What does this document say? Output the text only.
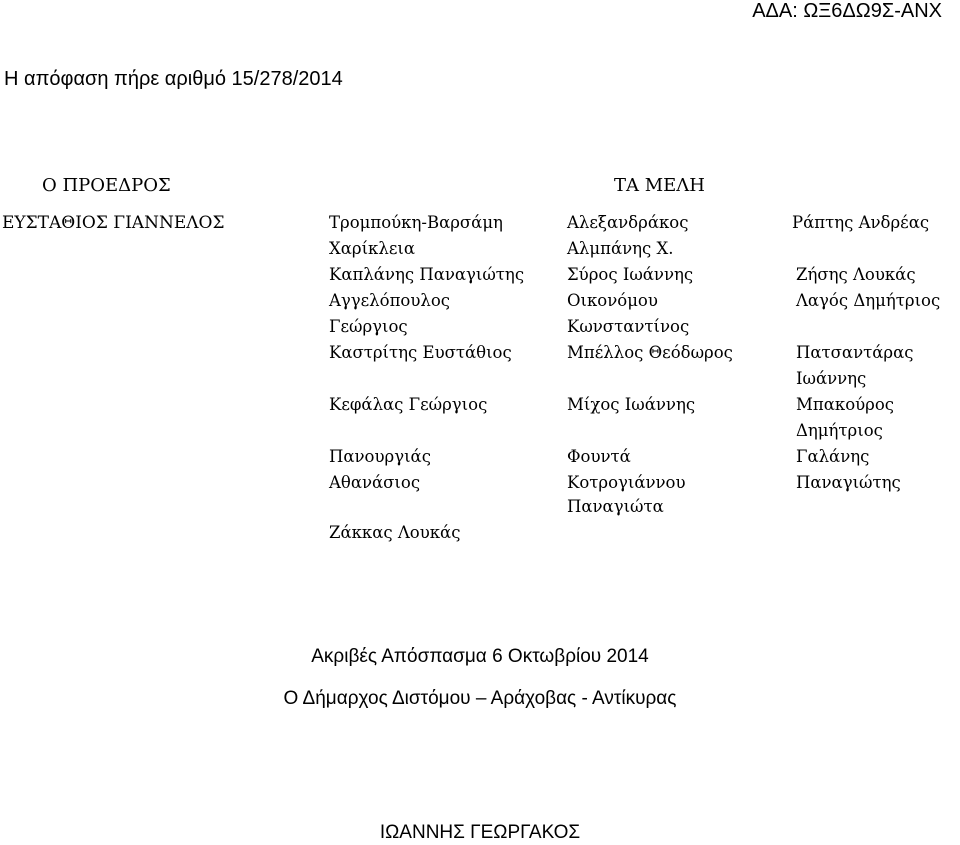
ΑΔΑ: ΩΞ6ΔΩ9Σ-ΑΝΧ
Η απόφαση πήρε αριθμό 15/278/2014
Ο ΠΡΟΕΔΡΟΣ	ΤΑ ΜΕΛΗ
ΕΥΣΤΑΘΙΟΣ ΓΙΑΝΝΕΛΟΣ	Τρομπούκη-Βαρσάμη
Χαρίκλεια
Καπλάνης Παναγιώτης
Αγγελόπουλος
Γεώργιος
Καστρίτης Ευστάθιος
Κεφάλας Γεώργιος
Πανουργιάς
Αθανάσιος
Ζάκκας Λουκάς
Αλεξανδράκος
Αλμπάνης Χ.
Σύρος Ιωάννης
Οικονόμου
Κωνσταντίνος
Μπέλλος Θεόδωρος
Μίχος Ιωάννης
Φουντά
Κοτρογιάννου
Παναγιώτα
Ράπτης Ανδρέας
Ζήσης Λουκάς
Λαγός Δημήτριος
Πατσαντάρας
Ιωάννης
Μπακούρος
Δημήτριος
Γαλάνης
Παναγιώτης
Ακριβές Απόσπασμα 6 Οκτωβρίου 2014
Ο Δήμαρχος Διστόμου – Αράχοβας - Αντίκυρας
ΙΩΑΝΝΗΣ ΓΕΩΡΓΑΚΟΣ
